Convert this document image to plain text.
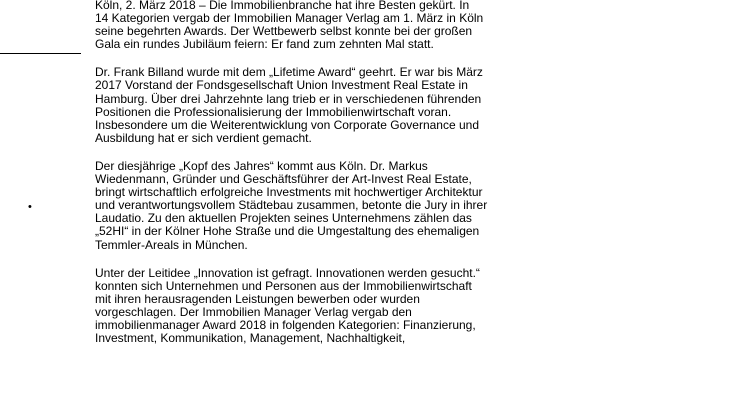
•

Köln, 2. März 2018 – Die Immobilienbranche hat ihre Besten gekürt. In
14 Kategorien vergab der Immobilien Manager Verlag am 1. März in Köln
seine begehrten Awards. Der Wettbewerb selbst konnte bei der großen
Gala ein rundes Jubiläum feiern: Er fand zum zehnten Mal statt.

Dr. Frank Billand wurde mit dem „Lifetime Award“ geehrt. Er war bis März
2017 Vorstand der Fondsgesellschaft Union Investment Real Estate in
Hamburg. Über drei Jahrzehnte lang trieb er in verschiedenen führenden
Positionen die Professionalisierung der Immobilienwirtschaft voran.
Insbesondere um die Weiterentwicklung von Corporate Governance und
Ausbildung hat er sich verdient gemacht.

Der diesjährige „Kopf des Jahres“ kommt aus Köln. Dr. Markus
Wiedenmann, Gründer und Geschäftsführer der Art-Invest Real Estate,
bringt wirtschaftlich erfolgreiche Investments mit hochwertiger Architektur
und verantwortungsvollem Städtebau zusammen, betonte die Jury in ihrer
Laudatio. Zu den aktuellen Projekten seines Unternehmens zählen das
„52HI“ in der Kölner Hohe Straße und die Umgestaltung des ehemaligen
Temmler-Areals in München.

Unter der Leitidee „Innovation ist gefragt. Innovationen werden gesucht.“
konnten sich Unternehmen und Personen aus der Immobilienwirtschaft
mit ihren herausragenden Leistungen bewerben oder wurden
vorgeschlagen. Der Immobilien Manager Verlag vergab den
immobilienmanager Award 2018 in folgenden Kategorien: Finanzierung,
Investment, Kommunikation, Management, Nachhaltigkeit,
